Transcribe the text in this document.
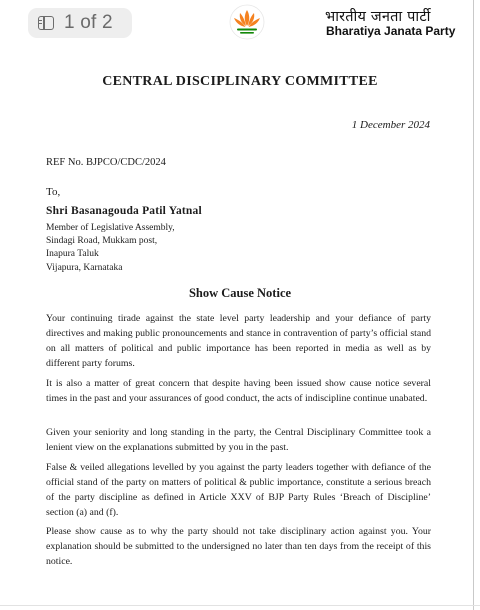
1 of 2	भारतीय जनता पार्टी
Bharatiya Janata Party
CENTRAL DISCIPLINARY COMMITTEE
1 December 2024
REF No. BJPCO/CDC/2024
To,
Shri Basanagouda Patil Yatnal
Member of Legislative Assembly,
Sindagi Road, Mukkam post,
Inapura Taluk
Vijapura, Karnataka
Show Cause Notice

Your continuing tirade against the state level party leadership and your defiance of party directives and making public pronouncements and stance in contravention of party’s official stand on all matters of political and public importance has been reported in media as well as by different party forums.

It is also a matter of great concern that despite having been issued show cause notice several times in the past and your assurances of good conduct, the acts of indiscipline continue unabated.

Given your seniority and long standing in the party, the Central Disciplinary Committee took a lenient view on the explanations submitted by you in the past.

False & veiled allegations levelled by you against the party leaders together with defiance of the official stand of the party on matters of political & public importance, constitute a serious breach of the party discipline as defined in Article XXV of BJP Party Rules ‘Breach of Discipline’ section (a) and (f).

Please show cause as to why the party should not take disciplinary action against you. Your explanation should be submitted to the undersigned no later than ten days from the receipt of this notice.
